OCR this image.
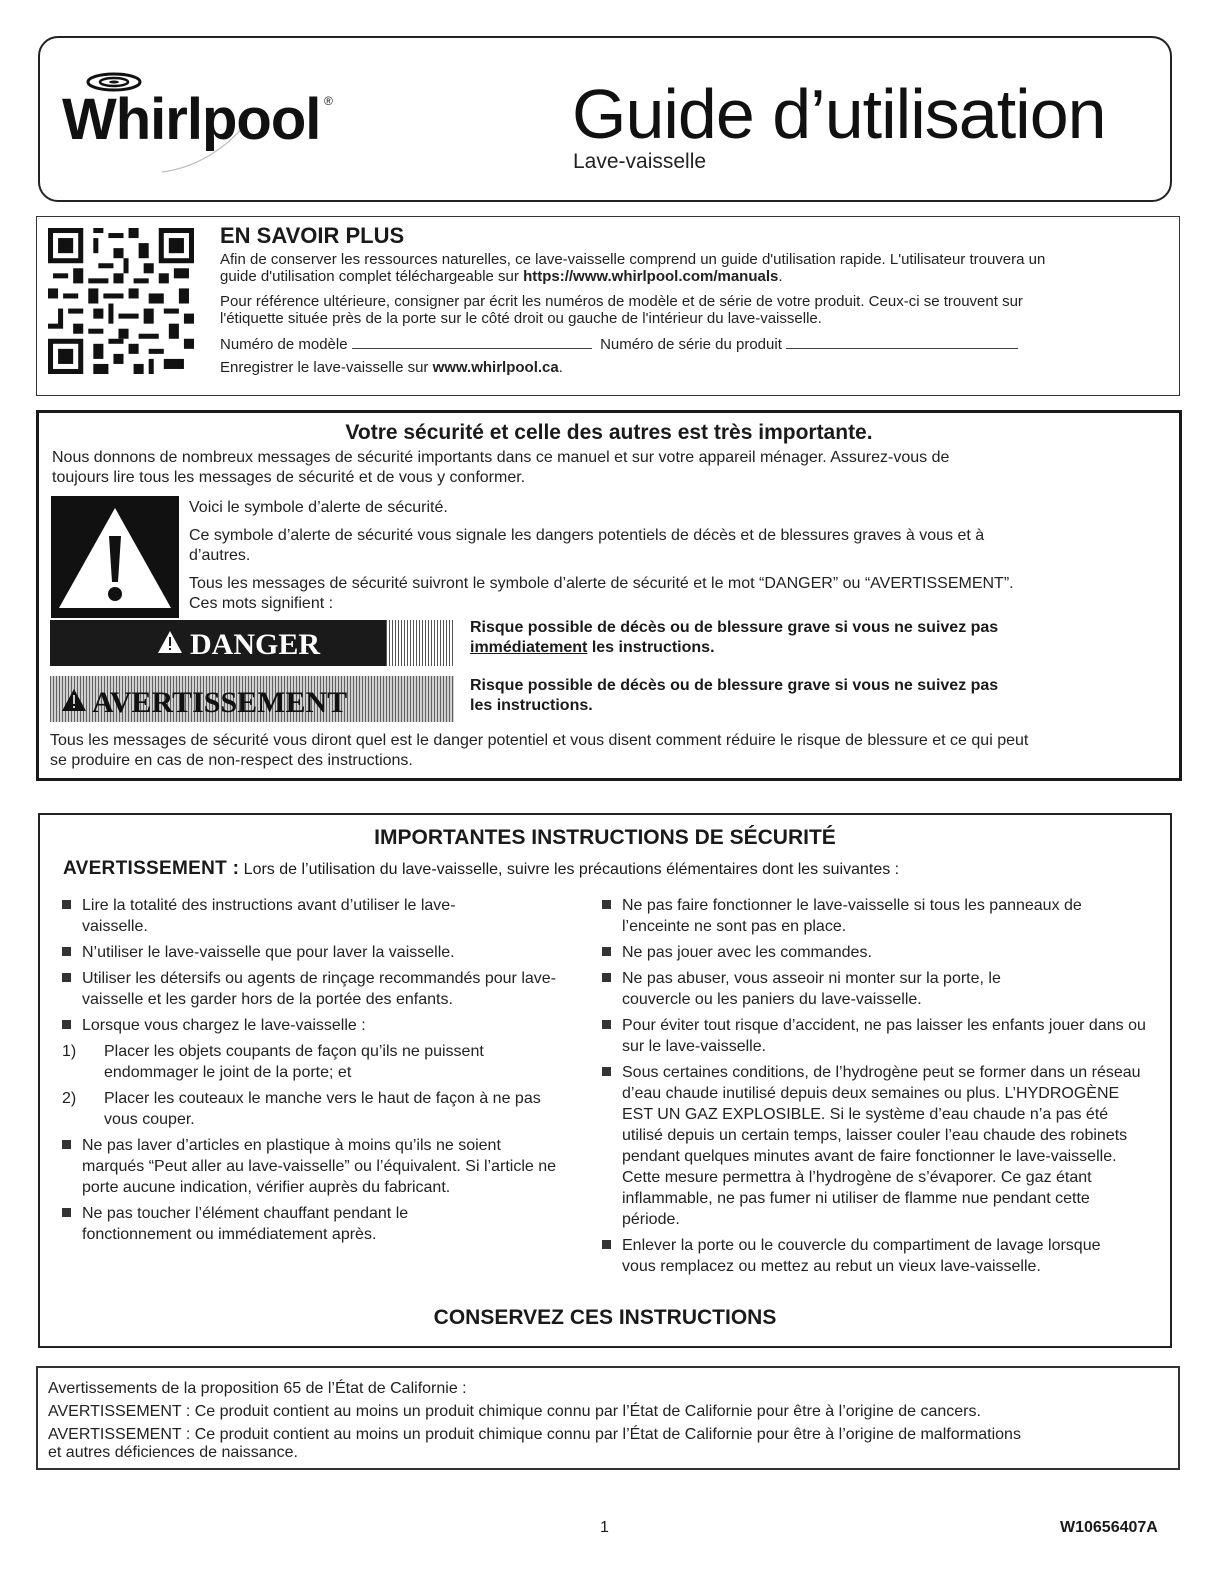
Whirlpool ®	Guide d’utilisation
Lave-vaisselle
EN SAVOIR PLUS
Afin de conserver les ressources naturelles, ce lave-vaisselle comprend un guide d'utilisation rapide. L'utilisateur trouvera un
guide d'utilisation complet téléchargeable sur https://www.whirlpool.com/manuals.
Pour référence ultérieure, consigner par écrit les numéros de modèle et de série de votre produit. Ceux-ci se trouvent sur
l'étiquette située près de la porte sur le côté droit ou gauche de l'intérieur du lave-vaisselle.
Numéro de modèle	Numéro de série du produit
Enregistrer le lave-vaisselle sur www.whirlpool.ca.
Votre sécurité et celle des autres est très importante.
Nous donnons de nombreux messages de sécurité importants dans ce manuel et sur votre appareil ménager. Assurez-vous de
toujours lire tous les messages de sécurité et de vous y conformer.
Voici le symbole d’alerte de sécurité.
Ce symbole d’alerte de sécurité vous signale les dangers potentiels de décès et de blessures graves à vous et à
d’autres.
Tous les messages de sécurité suivront le symbole d’alerte de sécurité et le mot “DANGER” ou “AVERTISSEMENT”.
Ces mots signifient :
DANGER
AVERTISSEMENT
Risque possible de décès ou de blessure grave si vous ne suivez pas
immédiatement les instructions.
Risque possible de décès ou de blessure grave si vous ne suivez pas
les instructions.
Tous les messages de sécurité vous diront quel est le danger potentiel et vous disent comment réduire le risque de blessure et ce qui peut
se produire en cas de non-respect des instructions.
IMPORTANTES INSTRUCTIONS DE SÉCURITÉ
AVERTISSEMENT : Lors de l’utilisation du lave-vaisselle, suivre les précautions élémentaires dont les suivantes :
Lire la totalité des instructions avant d’utiliser le lave-vaisselle.
N’utiliser le lave-vaisselle que pour laver la vaisselle.
Utiliser les détersifs ou agents de rinçage recommandés pour lave-vaisselle et les garder hors de la portée des enfants.
Lorsque vous chargez le lave-vaisselle :
1)	Placer les objets coupants de façon qu’ils ne puissent endommager le joint de la porte; et
2)	Placer les couteaux le manche vers le haut de façon à ne pas vous couper.
Ne pas laver d’articles en plastique à moins qu’ils ne soient marqués “Peut aller au lave-vaisselle” ou l’équivalent. Si l’article ne porte aucune indication, vérifier auprès du fabricant.
Ne pas toucher l’élément chauffant pendant le fonctionnement ou immédiatement après.
Ne pas faire fonctionner le lave-vaisselle si tous les panneaux de l’enceinte ne sont pas en place.
Ne pas jouer avec les commandes.
Ne pas abuser, vous asseoir ni monter sur la porte, le couvercle ou les paniers du lave-vaisselle.
Pour éviter tout risque d’accident, ne pas laisser les enfants jouer dans ou sur le lave-vaisselle.
Sous certaines conditions, de l’hydrogène peut se former dans un réseau d’eau chaude inutilisé depuis deux semaines ou plus. L’HYDROGÈNE EST UN GAZ EXPLOSIBLE. Si le système d’eau chaude n’a pas été utilisé depuis un certain temps, laisser couler l’eau chaude des robinets pendant quelques minutes avant de faire fonctionner le lave-vaisselle. Cette mesure permettra à l’hydrogène de s’évaporer. Ce gaz étant inflammable, ne pas fumer ni utiliser de flamme nue pendant cette période.
Enlever la porte ou le couvercle du compartiment de lavage lorsque vous remplacez ou mettez au rebut un vieux lave-vaisselle.
CONSERVEZ CES INSTRUCTIONS
Avertissements de la proposition 65 de l’État de Californie :
AVERTISSEMENT : Ce produit contient au moins un produit chimique connu par l’État de Californie pour être à l’origine de cancers.
AVERTISSEMENT : Ce produit contient au moins un produit chimique connu par l’État de Californie pour être à l’origine de malformations
et autres déficiences de naissance.
1	W10656407A
